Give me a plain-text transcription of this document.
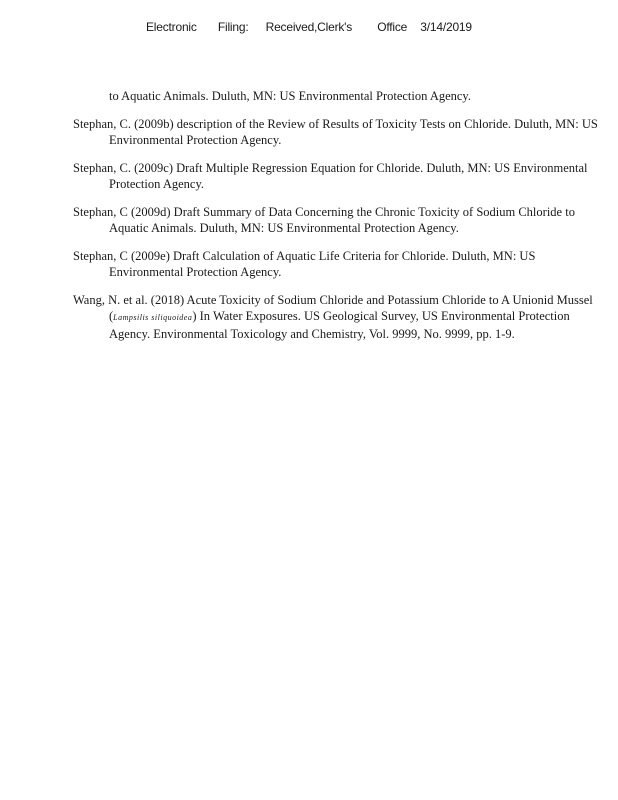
Electronic Filing: Received,Clerk's Office 3/14/2019

to Aquatic Animals. Duluth, MN: US Environmental Protection Agency.

Stephan, C. (2009b) description of the Review of Results of Toxicity Tests on Chloride. Duluth, MN: US Environmental Protection Agency.

Stephan, C. (2009c) Draft Multiple Regression Equation for Chloride. Duluth, MN: US Environmental Protection Agency.

Stephan, C (2009d) Draft Summary of Data Concerning the Chronic Toxicity of Sodium Chloride to Aquatic Animals. Duluth, MN: US Environmental Protection Agency.

Stephan, C (2009e) Draft Calculation of Aquatic Life Criteria for Chloride. Duluth, MN: US Environmental Protection Agency.

Wang, N. et al. (2018) Acute Toxicity of Sodium Chloride and Potassium Chloride to A Unionid Mussel (Lampsilis siliquoidea) In Water Exposures. US Geological Survey, US Environmental Protection Agency. Environmental Toxicology and Chemistry, Vol. 9999, No. 9999, pp. 1-9.
